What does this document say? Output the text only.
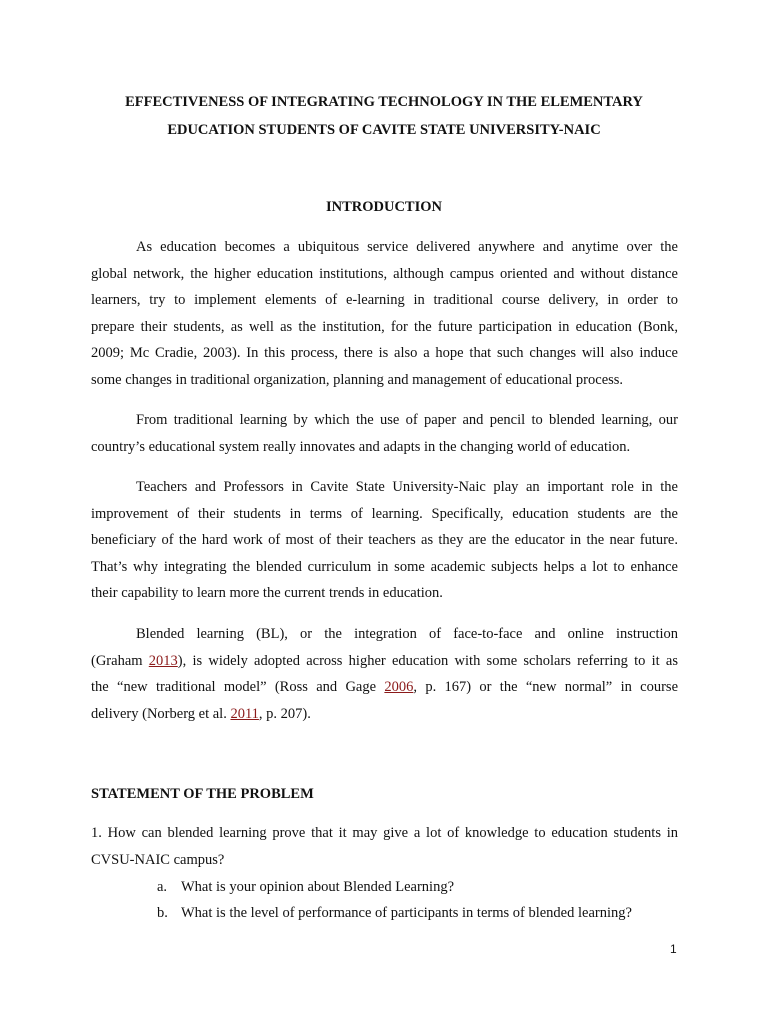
EFFECTIVENESS OF INTEGRATING TECHNOLOGY IN THE ELEMENTARY
EDUCATION STUDENTS OF CAVITE STATE UNIVERSITY-NAIC
INTRODUCTION
As education becomes a ubiquitous service delivered anywhere and anytime over the
global network, the higher education institutions, although campus oriented and without distance
learners, try to implement elements of e-learning in traditional course delivery, in order to
prepare their students, as well as the institution, for the future participation in education (Bonk,
2009; Mc Cradie, 2003). In this process, there is also a hope that such changes will also induce
some changes in traditional organization, planning and management of educational process.
From traditional learning by which the use of paper and pencil to blended learning, our
country’s educational system really innovates and adapts in the changing world of education.
Teachers and Professors in Cavite State University-Naic play an important role in the
improvement of their students in terms of learning. Specifically, education students are the
beneficiary of the hard work of most of their teachers as they are the educator in the near future.
That’s why integrating the blended curriculum in some academic subjects helps a lot to enhance
their capability to learn more the current trends in education.
Blended learning (BL), or the integration of face-to-face and online instruction
(Graham 2013), is widely adopted across higher education with some scholars referring to it as
the “new traditional model” (Ross and Gage 2006, p. 167) or the “new normal” in course
delivery (Norberg et al. 2011, p. 207).
STATEMENT OF THE PROBLEM
1. How can blended learning prove that it may give a lot of knowledge to education students in
CVSU-NAIC campus?
a. What is your opinion about Blended Learning?
b. What is the level of performance of participants in terms of blended learning?
1
